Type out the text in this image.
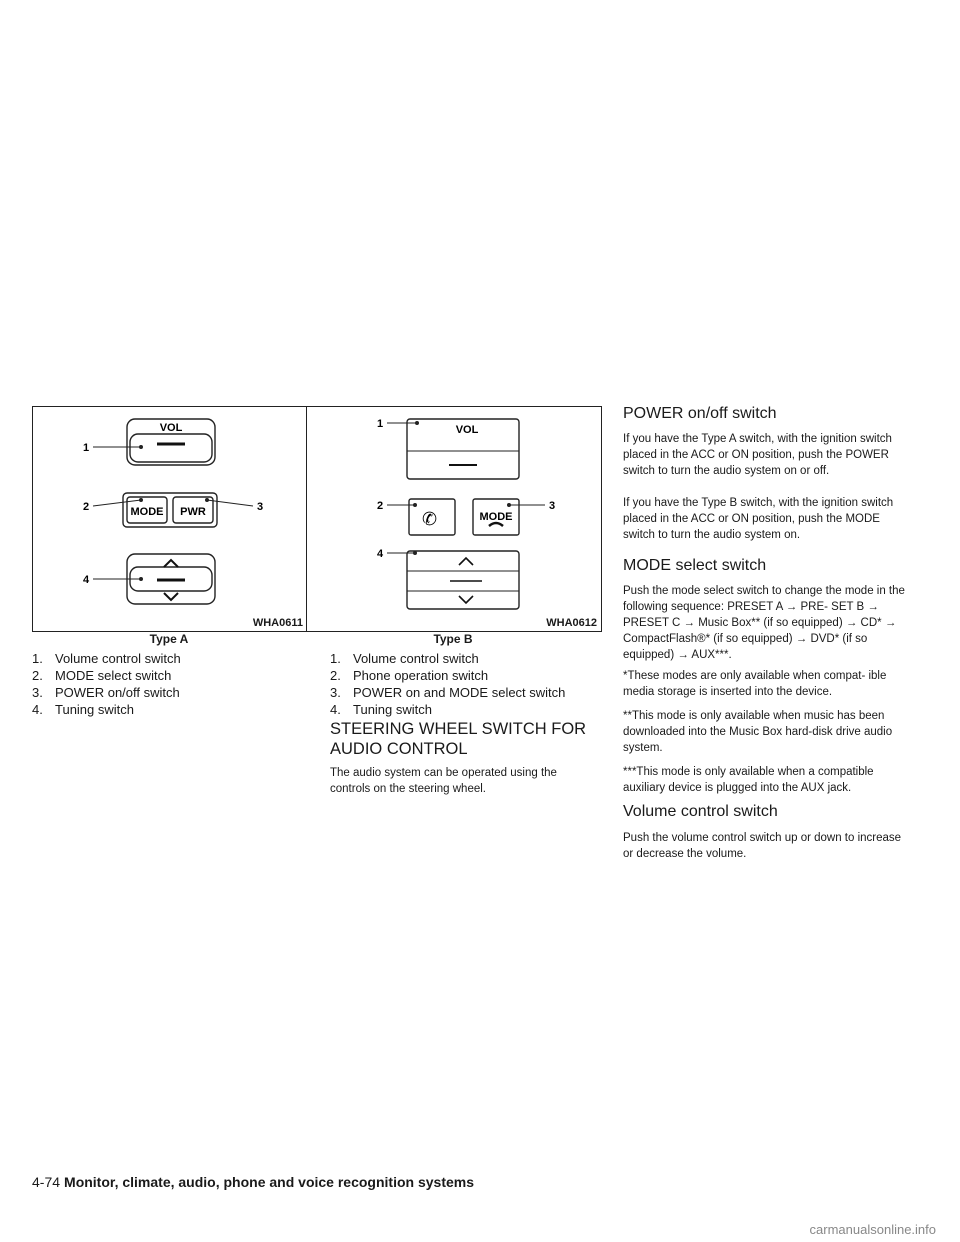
VOL
MODE PWR
1
2	3
4
WHA0611
Type A
VOL
✆	MODE
1
2	3
4
WHA0612
Type B
1. Volume control switch
2. MODE select switch
3. POWER on/off switch
4. Tuning switch
1. Volume control switch
2. Phone operation switch
3. POWER on and MODE select switch
4. Tuning switch
STEERING WHEEL SWITCH FOR
AUDIO CONTROL

The audio system can be operated using the controls on the steering wheel.

POWER on/off switch

If you have the Type A switch, with the ignition switch placed in the ACC or ON position, push the POWER switch to turn the audio system on or off.

If you have the Type B switch, with the ignition switch placed in the ACC or ON position, push the MODE switch to turn the audio system on.

MODE select switch

Push the mode select switch to change the mode in the following sequence: PRESET A → PRE- SET B → PRESET C → Music Box** (if so equipped) → CD* → CompactFlash®* (if so equipped) → DVD* (if so equipped) → AUX***.

*These modes are only available when compat- ible media storage is inserted into the device.

**This mode is only available when music has been downloaded into the Music Box hard-disk drive audio system.

***This mode is only available when a compatible auxiliary device is plugged into the AUX jack.

Volume control switch

Push the volume control switch up or down to increase or decrease the volume.

4-74 Monitor, climate, audio, phone and voice recognition systems
carmanualsonline.info
